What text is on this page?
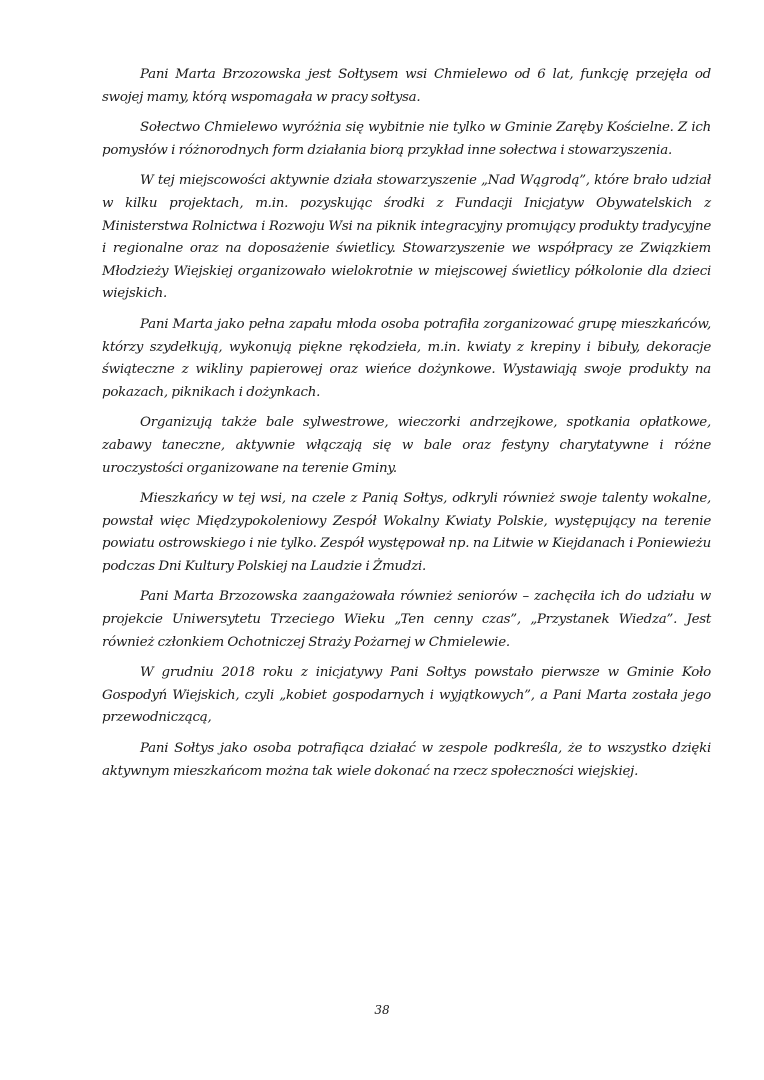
Pani Marta Brzozowska jest Sołtysem wsi Chmielewo od 6 lat, funkcję przejęła od swojej mamy, którą wspomagała w pracy sołtysa.

Sołectwo Chmielewo wyróżnia się wybitnie nie tylko w Gminie Zaręby Kościelne. Z ich pomysłów i różnorodnych form działania biorą przykład inne sołectwa i stowarzyszenia.

W tej miejscowości aktywnie działa stowarzyszenie „Nad Wągrodą”, które brało udział w kilku projektach, m.in. pozyskując środki z Fundacji Inicjatyw Obywatelskich z Ministerstwa Rolnictwa i Rozwoju Wsi na piknik integracyjny promujący produkty tradycyjne i regionalne oraz na doposażenie świetlicy. Stowarzyszenie we współpracy ze Związkiem Młodzieży Wiejskiej organizowało wielokrotnie w miejscowej świetlicy półkolonie dla dzieci wiejskich.

Pani Marta jako pełna zapału młoda osoba potrafiła zorganizować grupę mieszkańców, którzy szydełkują, wykonują piękne rękodzieła, m.in. kwiaty z krepiny i bibuły, dekoracje świąteczne z wikliny papierowej oraz wieńce dożynkowe. Wystawiają swoje produkty na pokazach, piknikach i dożynkach.

Organizują także bale sylwestrowe, wieczorki andrzejkowe, spotkania opłatkowe, zabawy taneczne, aktywnie włączają się w bale oraz festyny charytatywne i różne uroczystości organizowane na terenie Gminy.

Mieszkańcy w tej wsi, na czele z Panią Sołtys, odkryli również swoje talenty wokalne, powstał więc Międzypokoleniowy Zespół Wokalny Kwiaty Polskie, występujący na terenie powiatu ostrowskiego i nie tylko. Zespół występował np. na Litwie w Kiejdanach i Poniewieżu podczas Dni Kultury Polskiej na Laudzie i Żmudzi.

Pani Marta Brzozowska zaangażowała również seniorów – zachęciła ich do udziału w projekcie Uniwersytetu Trzeciego Wieku „Ten cenny czas”, „Przystanek Wiedza”. Jest również członkiem Ochotniczej Straży Pożarnej w Chmielewie.

W grudniu 2018 roku z inicjatywy Pani Sołtys powstało pierwsze w Gminie Koło Gospodyń Wiejskich, czyli „kobiet gospodarnych i wyjątkowych”, a Pani Marta została jego przewodniczącą,

Pani Sołtys jako osoba potrafiąca działać w zespole podkreśla, że to wszystko dzięki aktywnym mieszkańcom można tak wiele dokonać na rzecz społeczności wiejskiej.

38
